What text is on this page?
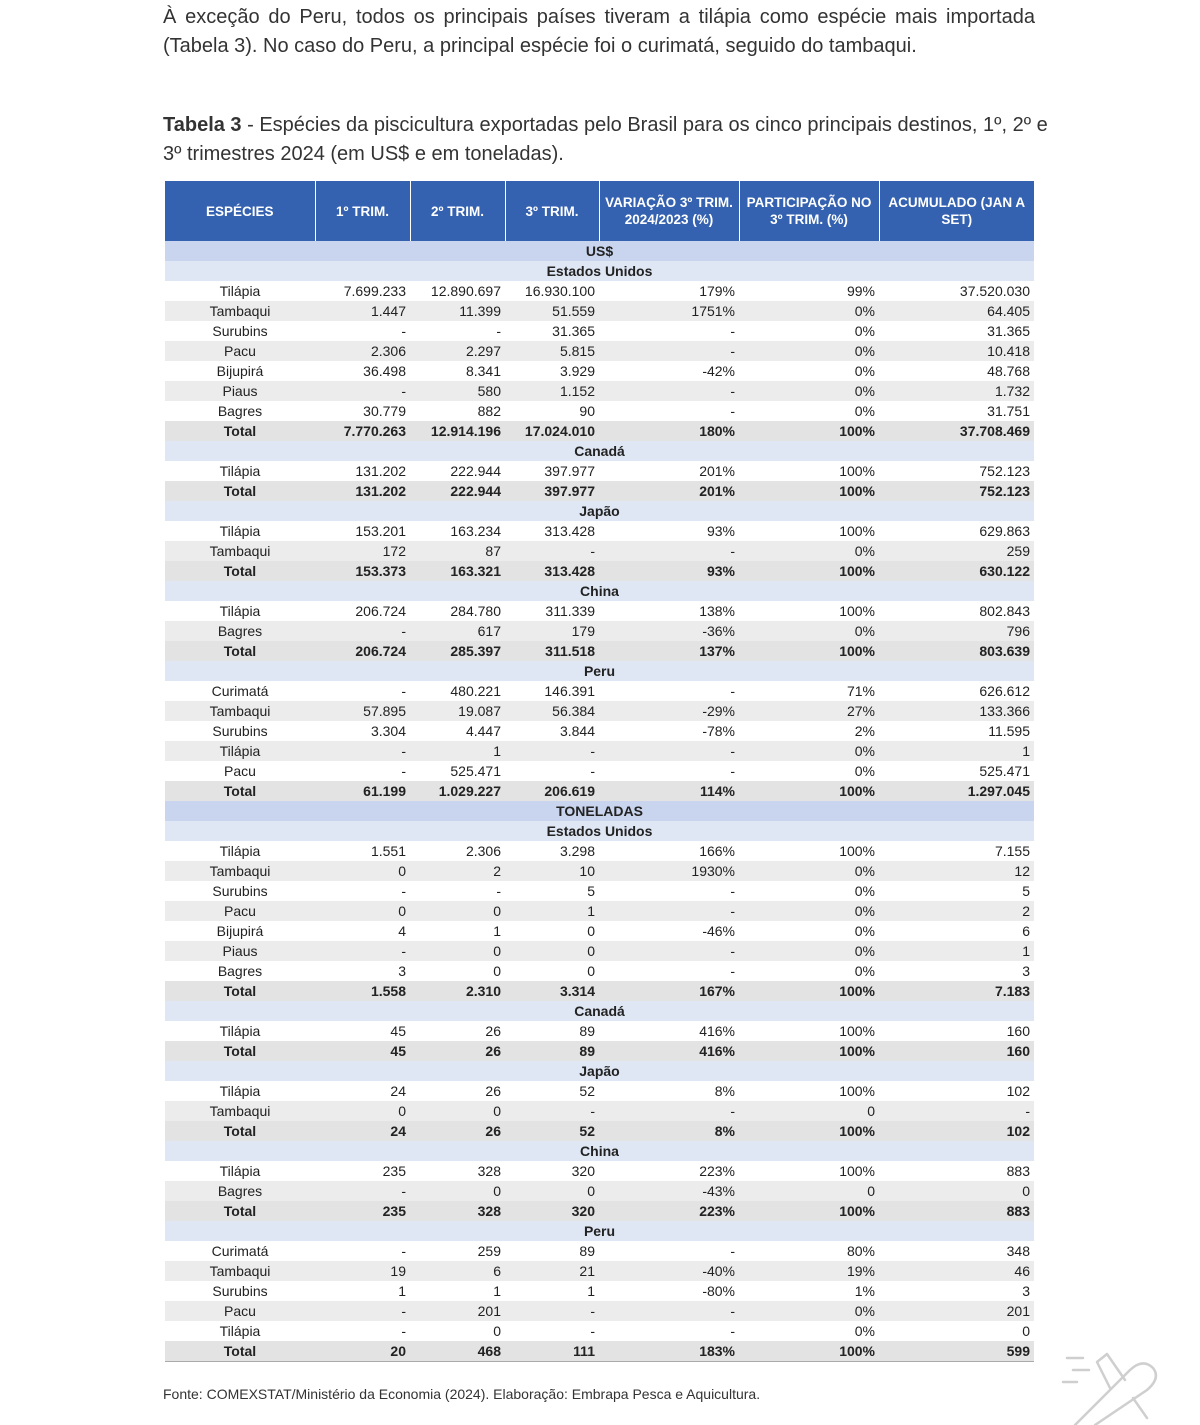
À exceção do Peru, todos os principais países tiveram a tilápia como espécie mais importada (Tabela 3). No caso do Peru, a principal espécie foi o curimatá, seguido do tambaqui.

Tabela 3 - Espécies da piscicultura exportadas pelo Brasil para os cinco principais destinos, 1º, 2º e 3º trimestres 2024 (em US$ e em toneladas).

ESPÉCIES	1º TRIM.	2º TRIM.	3º TRIM.	VARIAÇÃO 3º TRIM. 2024/2023 (%)	PARTICIPAÇÃO NO 3º TRIM. (%)	ACUMULADO (JAN A SET)
US$						
Estados Unidos						
Tilápia	7.699.233	12.890.697	16.930.100	179%	99%	37.520.030
Tambaqui	1.447	11.399	51.559	1751%	0%	64.405
Surubins	-	-	31.365	-	0%	31.365
Pacu	2.306	2.297	5.815	-	0%	10.418
Bijupirá	36.498	8.341	3.929	-42%	0%	48.768
Piaus	-	580	1.152	-	0%	1.732
Bagres	30.779	882	90	-	0%	31.751
Total	7.770.263	12.914.196	17.024.010	180%	100%	37.708.469
Canadá						
Tilápia	131.202	222.944	397.977	201%	100%	752.123
Total	131.202	222.944	397.977	201%	100%	752.123
Japão						
Tilápia	153.201	163.234	313.428	93%	100%	629.863
Tambaqui	172	87	-	-	0%	259
Total	153.373	163.321	313.428	93%	100%	630.122
China						
Tilápia	206.724	284.780	311.339	138%	100%	802.843
Bagres	-	617	179	-36%	0%	796
Total	206.724	285.397	311.518	137%	100%	803.639
Peru						
Curimatá	-	480.221	146.391	-	71%	626.612
Tambaqui	57.895	19.087	56.384	-29%	27%	133.366
Surubins	3.304	4.447	3.844	-78%	2%	11.595
Tilápia	-	1	-	-	0%	1
Pacu	-	525.471	-	-	0%	525.471
Total	61.199	1.029.227	206.619	114%	100%	1.297.045
TONELADAS						
Estados Unidos						
Tilápia	1.551	2.306	3.298	166%	100%	7.155
Tambaqui	0	2	10	1930%	0%	12
Surubins	-	-	5	-	0%	5
Pacu	0	0	1	-	0%	2
Bijupirá	4	1	0	-46%	0%	6
Piaus	-	0	0	-	0%	1
Bagres	3	0	0	-	0%	3
Total	1.558	2.310	3.314	167%	100%	7.183
Canadá						
Tilápia	45	26	89	416%	100%	160
Total	45	26	89	416%	100%	160
Japão						
Tilápia	24	26	52	8%	100%	102
Tambaqui	0	0	-	-	0	-
Total	24	26	52	8%	100%	102
China						
Tilápia	235	328	320	223%	100%	883
Bagres	-	0	0	-43%	0	0
Total	235	328	320	223%	100%	883
Peru						
Curimatá	-	259	89	-	80%	348
Tambaqui	19	6	21	-40%	19%	46
Surubins	1	1	1	-80%	1%	3
Pacu	-	201	-	-	0%	201
Tilápia	-	0	-	-	0%	0
Total	20	468	111	183%	100%	599

Fonte: COMEXSTAT/Ministério da Economia (2024). Elaboração: Embrapa Pesca e Aquicultura.
